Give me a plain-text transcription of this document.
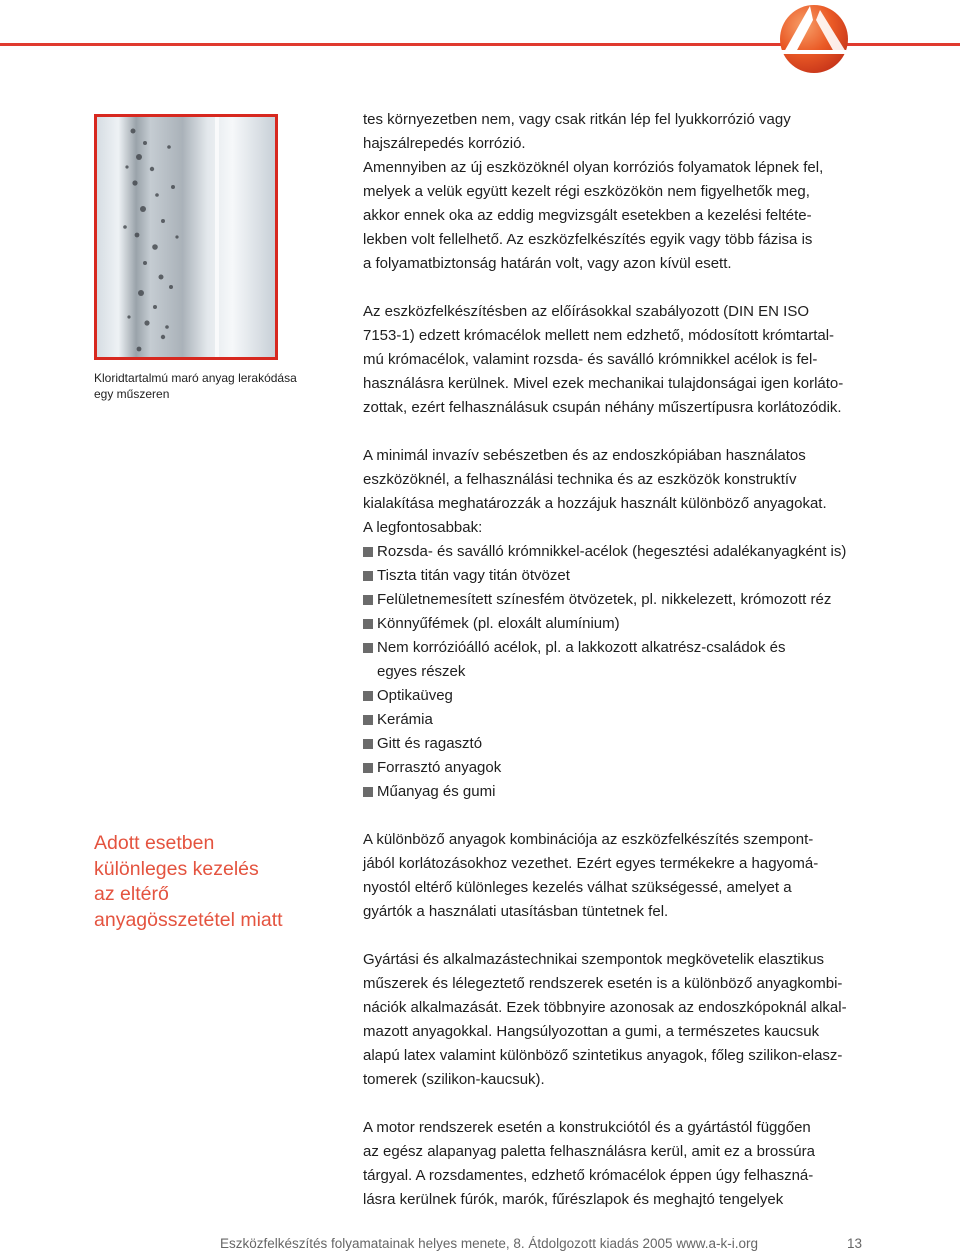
Kloridtartalmú maró anyag lerakódása
egy műszeren
Adott esetben
különleges kezelés
az eltérő
anyagösszetétel miatt

tes környezetben nem, vagy csak ritkán lép fel lyukkorrózió vagy
hajszálrepedés korrózió.
Amennyiben az új eszközöknél olyan korróziós folyamatok lépnek fel,
melyek a velük együtt kezelt régi eszközökön nem figyelhetők meg,
akkor ennek oka az eddig megvizsgált esetekben a kezelési feltéte-
lekben volt fellelhető. Az eszközfelkészítés egyik vagy több fázisa is
a folyamatbiztonság határán volt, vagy azon kívül esett.

Az eszközfelkészítésben az előírásokkal szabályozott (DIN EN ISO
7153-1) edzett krómacélok mellett nem edzhető, módosított krómtartal-
mú krómacélok, valamint rozsda- és saválló krómnikkel acélok is fel-
használásra kerülnek. Mivel ezek mechanikai tulajdonságai igen korláto-
zottak, ezért felhasználásuk csupán néhány műszertípusra korlátozódik.

A minimál invazív sebészetben és az endoszkópiában használatos
eszközöknél, a felhasználási technika és az eszközök konstruktív
kialakítása meghatározzák a hozzájuk használt különböző anyagokat.
A legfontosabbak:

Rozsda- és saválló krómnikkel-acélok (hegesztési adalékanyagként is)
Tiszta titán vagy titán ötvözet
Felületnemesített színesfém ötvözetek, pl. nikkelezett, krómozott réz
Könnyűfémek (pl. eloxált alumínium)
Nem korrózióálló acélok, pl. a lakkozott alkatrész-családok és
egyes részek
Optikaüveg
Kerámia
Gitt és ragasztó
Forrasztó anyagok
Műanyag és gumi

A különböző anyagok kombinációja az eszközfelkészítés szempont-
jából korlátozásokhoz vezethet. Ezért egyes termékekre a hagyomá-
nyostól eltérő különleges kezelés válhat szükségessé, amelyet a
gyártók a használati utasításban tüntetnek fel.

Gyártási és alkalmazástechnikai szempontok megkövetelik elasztikus
műszerek és lélegeztető rendszerek esetén is a különböző anyagkombi-
nációk alkalmazását. Ezek többnyire azonosak az endoszkópoknál alkal-
mazott anyagokkal. Hangsúlyozottan a gumi, a természetes kaucsuk
alapú latex valamint különböző szintetikus anyagok, főleg szilikon-elasz-
tomerek (szilikon-kaucsuk).

A motor rendszerek esetén a konstrukciótól és a gyártástól függően
az egész alapanyag paletta felhasználásra kerül, amit ez a brossúra
tárgyal. A rozsdamentes, edzhető krómacélok éppen úgy felhaszná-
lásra kerülnek fúrók, marók, fűrészlapok és meghajtó tengelyek

Eszközfelkészítés folyamatainak helyes menete, 8. Átdolgozott kiadás 2005 www.a-k-i.org	13
